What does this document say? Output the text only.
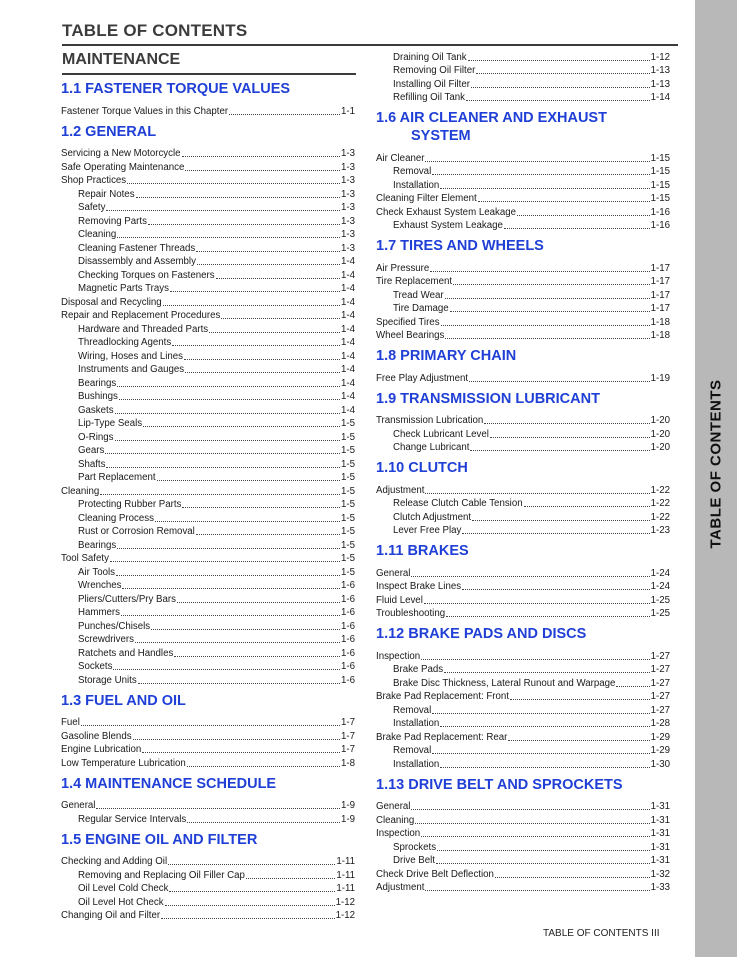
TABLE OF CONTENTS
MAINTENANCE
1.1 FASTENER TORQUE VALUES
Fastener Torque Values in this Chapter	1-1
1.2 GENERAL
Servicing a New Motorcycle	1-3
Safe Operating Maintenance	1-3
Shop Practices	1-3
Repair Notes	1-3
Safety	1-3
Removing Parts	1-3
Cleaning	1-3
Cleaning Fastener Threads	1-3
Disassembly and Assembly	1-4
Checking Torques on Fasteners	1-4
Magnetic Parts Trays	1-4
Disposal and Recycling	1-4
Repair and Replacement Procedures	1-4
Hardware and Threaded Parts	1-4
Threadlocking Agents	1-4
Wiring, Hoses and Lines	1-4
Instruments and Gauges	1-4
Bearings	1-4
Bushings	1-4
Gaskets	1-4
Lip-Type Seals	1-5
O-Rings	1-5
Gears	1-5
Shafts	1-5
Part Replacement	1-5
Cleaning	1-5
Protecting Rubber Parts	1-5
Cleaning Process	1-5
Rust or Corrosion Removal	1-5
Bearings	1-5
Tool Safety	1-5
Air Tools	1-5
Wrenches	1-6
Pliers/Cutters/Pry Bars	1-6
Hammers	1-6
Punches/Chisels	1-6
Screwdrivers	1-6
Ratchets and Handles	1-6
Sockets	1-6
Storage Units	1-6
1.3 FUEL AND OIL
Fuel	1-7
Gasoline Blends	1-7
Engine Lubrication	1-7
Low Temperature Lubrication	1-8
1.4 MAINTENANCE SCHEDULE
General	1-9
Regular Service Intervals	1-9
1.5 ENGINE OIL AND FILTER
Checking and Adding Oil	1-11
Removing and Replacing Oil Filler Cap	1-11
Oil Level Cold Check	1-11
Oil Level Hot Check	1-12
Changing Oil and Filter	1-12
Draining Oil Tank	1-12
Removing Oil Filter	1-13
Installing Oil Filter	1-13
Refilling Oil Tank	1-14
1.6 AIR CLEANER AND EXHAUST
SYSTEM
Air Cleaner	1-15
Removal	1-15
Installation	1-15
Cleaning Filter Element	1-15
Check Exhaust System Leakage	1-16
Exhaust System Leakage	1-16
1.7 TIRES AND WHEELS
Air Pressure	1-17
Tire Replacement	1-17
Tread Wear	1-17
Tire Damage	1-17
Specified Tires	1-18
Wheel Bearings	1-18
1.8 PRIMARY CHAIN
Free Play Adjustment	1-19
1.9 TRANSMISSION LUBRICANT
Transmission Lubrication	1-20
Check Lubricant Level	1-20
Change Lubricant	1-20
1.10 CLUTCH
Adjustment	1-22
Release Clutch Cable Tension	1-22
Clutch Adjustment	1-22
Lever Free Play	1-23
1.11 BRAKES
General	1-24
Inspect Brake Lines	1-24
Fluid Level	1-25
Troubleshooting	1-25
1.12 BRAKE PADS AND DISCS
Inspection	1-27
Brake Pads	1-27
Brake Disc Thickness, Lateral Runout and Warpage	1-27
Brake Pad Replacement: Front	1-27
Removal	1-27
Installation	1-28
Brake Pad Replacement: Rear	1-29
Removal	1-29
Installation	1-30
1.13 DRIVE BELT AND SPROCKETS
General	1-31
Cleaning	1-31
Inspection	1-31
Sprockets	1-31
Drive Belt	1-31
Check Drive Belt Deflection	1-32
Adjustment	1-33
TABLE OF CONTENTS
TABLE OF CONTENTS III
